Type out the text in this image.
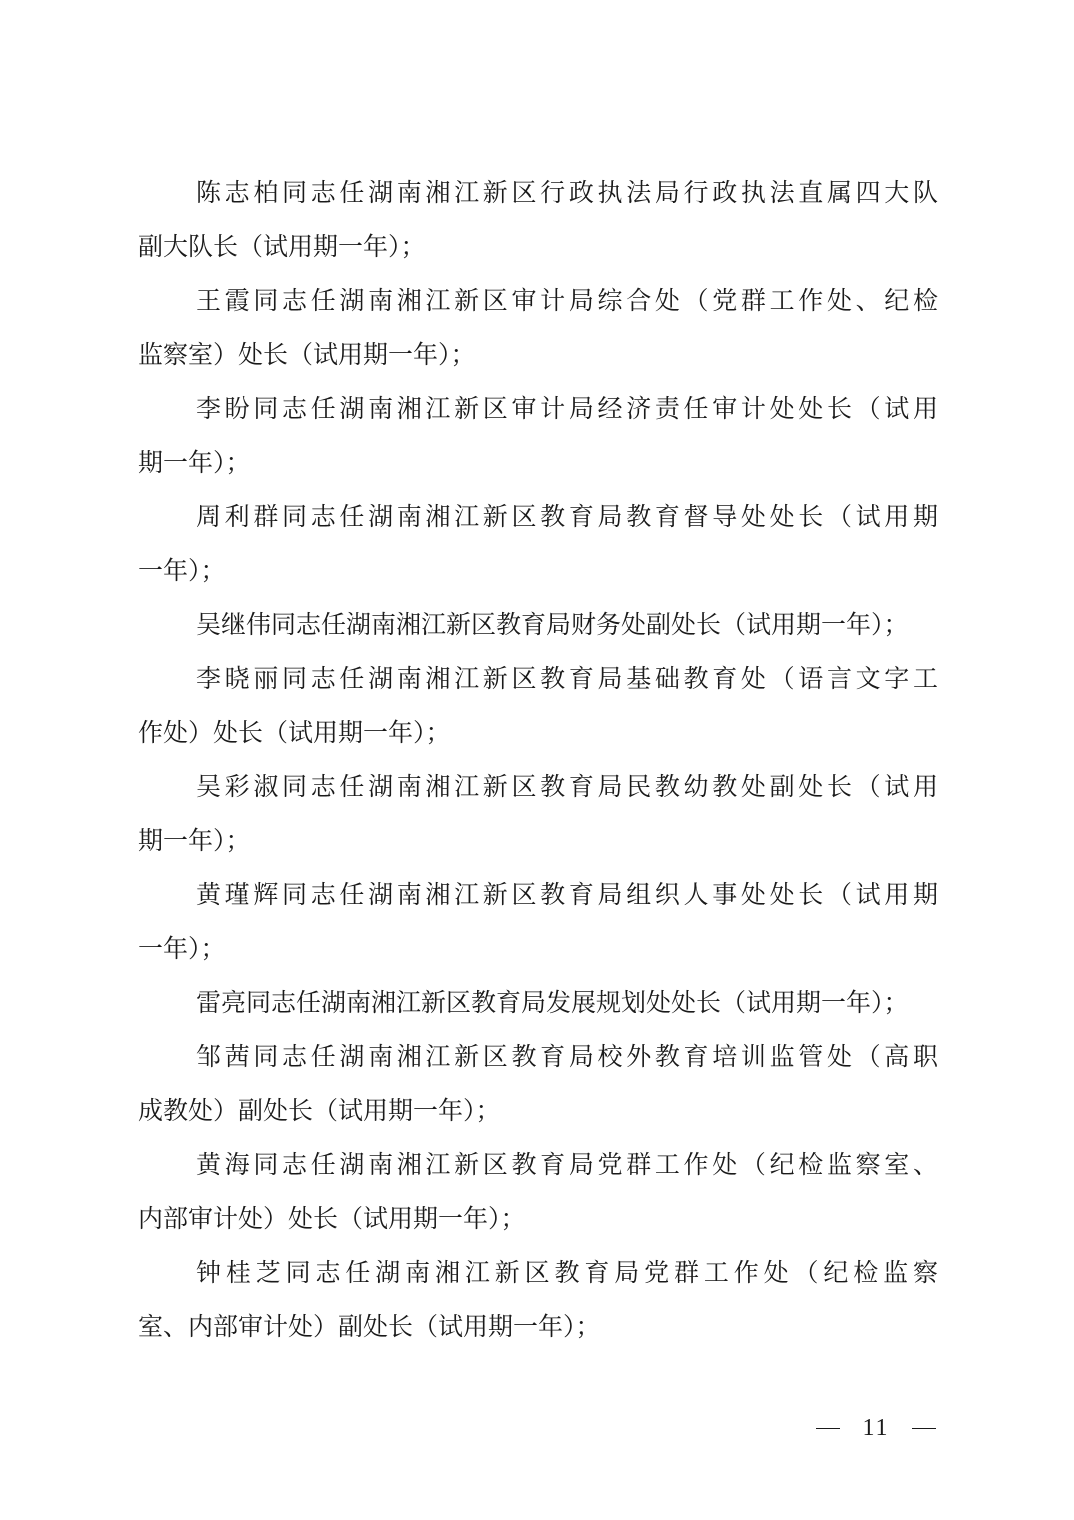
陈志柏同志任湖南湘江新区行政执法局行政执法直属四大队
副大队长（试用期一年）；
王霞同志任湖南湘江新区审计局综合处（党群工作处、纪检
监察室）处长（试用期一年）；
李盼同志任湖南湘江新区审计局经济责任审计处处长（试用
期一年）；
周利群同志任湖南湘江新区教育局教育督导处处长（试用期
一年）；
吴继伟同志任湖南湘江新区教育局财务处副处长（试用期一年）；
李晓丽同志任湖南湘江新区教育局基础教育处（语言文字工
作处）处长（试用期一年）；
吴彩淑同志任湖南湘江新区教育局民教幼教处副处长（试用
期一年）；
黄瑾辉同志任湖南湘江新区教育局组织人事处处长（试用期
一年）；
雷亮同志任湖南湘江新区教育局发展规划处处长（试用期一年）；
邹茜同志任湖南湘江新区教育局校外教育培训监管处（高职
成教处）副处长（试用期一年）；
黄海同志任湖南湘江新区教育局党群工作处（纪检监察室、
内部审计处）处长（试用期一年）；
钟桂芝同志任湖南湘江新区教育局党群工作处（纪检监察
室、内部审计处）副处长（试用期一年）；
11
